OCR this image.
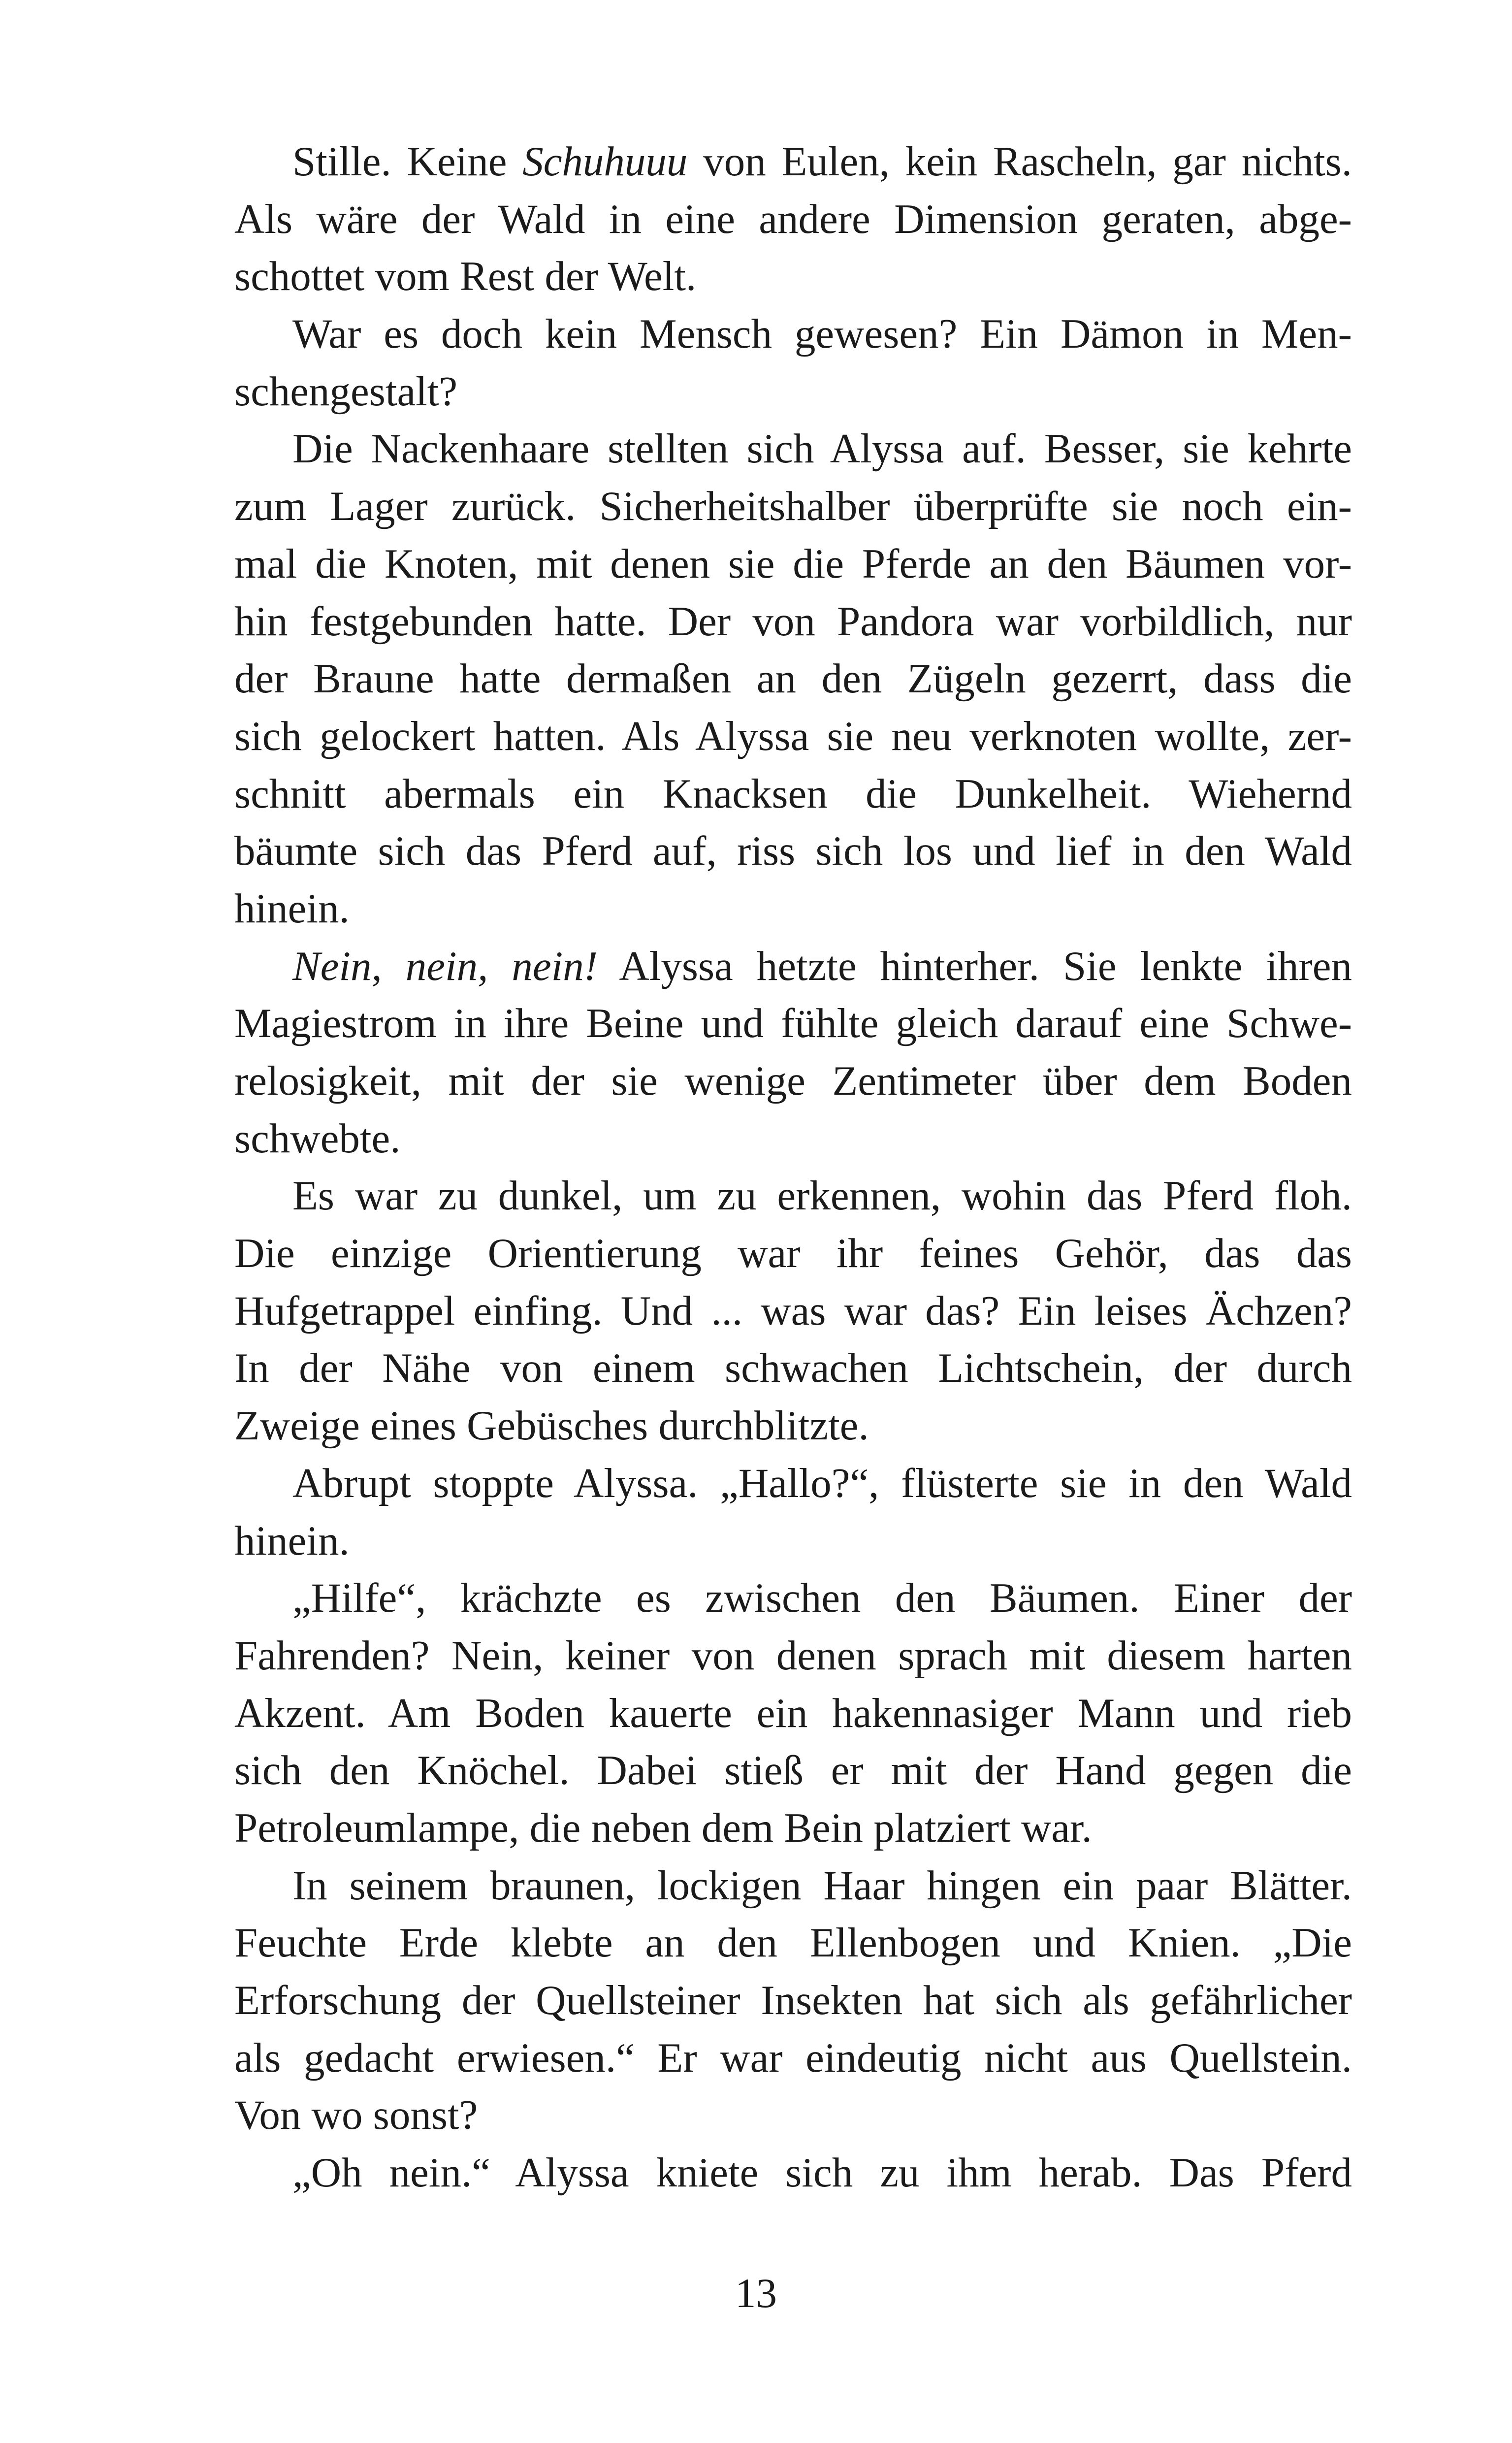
Stille. Keine Schuhuuu von Eulen, kein Rascheln, gar nichts.
Als wäre der Wald in eine andere Dimension geraten, abge-
schottet vom Rest der Welt.
War es doch kein Mensch gewesen? Ein Dämon in Men-
schengestalt?
Die Nackenhaare stellten sich Alyssa auf. Besser, sie kehrte
zum Lager zurück. Sicherheitshalber überprüfte sie noch ein-
mal die Knoten, mit denen sie die Pferde an den Bäumen vor-
hin festgebunden hatte. Der von Pandora war vorbildlich, nur
der Braune hatte dermaßen an den Zügeln gezerrt, dass die
sich gelockert hatten. Als Alyssa sie neu verknoten wollte, zer-
schnitt abermals ein Knacksen die Dunkelheit. Wiehernd
bäumte sich das Pferd auf, riss sich los und lief in den Wald
hinein.
Nein, nein, nein! Alyssa hetzte hinterher. Sie lenkte ihren
Magiestrom in ihre Beine und fühlte gleich darauf eine Schwe-
relosigkeit, mit der sie wenige Zentimeter über dem Boden
schwebte.
Es war zu dunkel, um zu erkennen, wohin das Pferd floh.
Die einzige Orientierung war ihr feines Gehör, das das
Hufgetrappel einfing. Und ... was war das? Ein leises Ächzen?
In der Nähe von einem schwachen Lichtschein, der durch
Zweige eines Gebüsches durchblitzte.
Abrupt stoppte Alyssa. „Hallo?“, flüsterte sie in den Wald
hinein.
„Hilfe“, krächzte es zwischen den Bäumen. Einer der
Fahrenden? Nein, keiner von denen sprach mit diesem harten
Akzent. Am Boden kauerte ein hakennasiger Mann und rieb
sich den Knöchel. Dabei stieß er mit der Hand gegen die
Petroleumlampe, die neben dem Bein platziert war.
In seinem braunen, lockigen Haar hingen ein paar Blätter.
Feuchte Erde klebte an den Ellenbogen und Knien. „Die
Erforschung der Quellsteiner Insekten hat sich als gefährlicher
als gedacht erwiesen.“ Er war eindeutig nicht aus Quellstein.
Von wo sonst?
„Oh nein.“ Alyssa kniete sich zu ihm herab. Das Pferd
13
